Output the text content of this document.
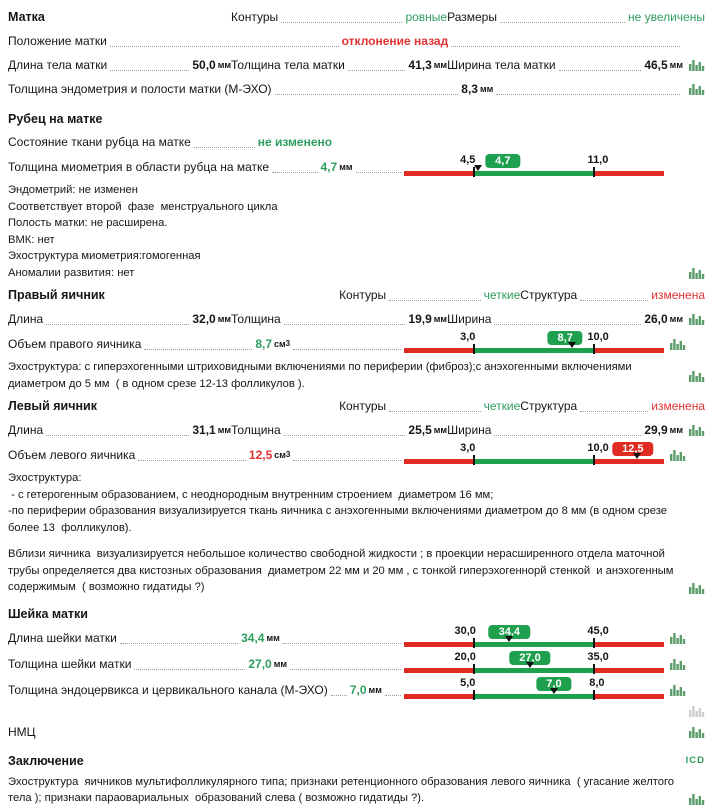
Матка	Контуры	ровные Размеры	не увеличены
Положение матки	отклонение назад
Длина тела матки	50,0 мм Толщина тела матки	41,3 мм Ширина тела матки	46,5 мм
Толщина эндометрия и полости матки (М-ЭХО)	8,3 мм
Рубец на матке
Состояние ткани рубца на матке	не изменено
Толщина миометрия в области рубца на матке	4,7 мм
4,5	11,0
4,7
Эндометрий: не изменен
Соответствует второй  фазе  менструального цикла
Полость матки: не расширена.
ВМК: нет
Эхоструктура миометрия:гомогенная
Аномалии развития: нет
Правый яичник	Контуры	четкие Структура	изменена
Длина	32,0 мм Толщина	19,9 мм Ширина	26,0 мм
Объем правого яичника	8,7 см 3
3,0	10,0
8,7
Эхоструктура: с гиперэхогенными штриховидными включениями по периферии (фиброз);с анэхогенными включениями
диаметром до 5 мм  ( в одном срезе 12-13 фолликулов ).
Левый яичник	Контуры	четкие Структура	изменена
Длина	31,1 мм Толщина	25,5 мм Ширина	29,9 мм
Объем левого яичника	12,5 см 3
3,0	10,0	12,5
Эхоструктура:
- с гетерогенным образованием, с неоднородным внутренним строением  диаметром 16 мм;
-по периферии образования визуализируется ткань яичника с анэхогенными включениями диаметром до 8 мм (в одном срезе
более 13  фолликулов).
Вблизи яичника  визуализируется небольшое количество свободной жидкости ; в проекции нерасширенного отдела маточной
трубы определяется два кистозных образования  диаметром 22 мм и 20 мм , с тонкой гиперэхогеннорй стенкой  и анэхогенным
содержимым  ( возможно гидатиды ?)
Шейка матки
Длина шейки матки	34,4 мм
30,0	45,0
34,4
Толщина шейки матки	27,0 мм
20,0	35,0
27,0
Толщина эндоцервикса и цервикального канала (М-ЭХО) 7,0 мм
5,0	8,0
7,0
НМЦ
Заключение	ICD
Эхоструктура  яичников мультифолликулярного типа; признаки ретенционного образования левого яичника  ( угасание желтого
тела ); признаки параовариальных  образований слева ( возможно гидатиды ?).
